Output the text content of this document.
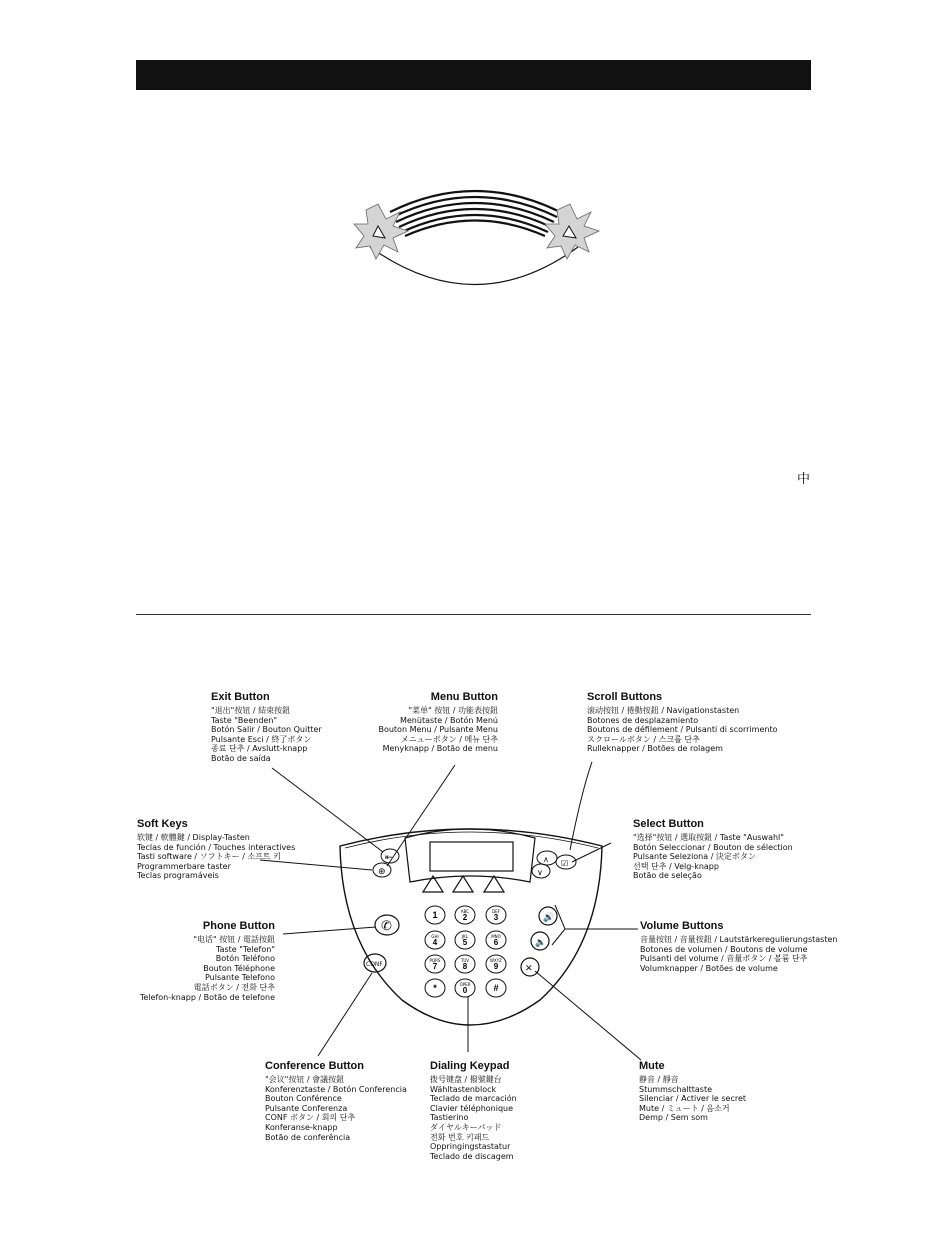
中
⇤
⊕
∧
∨
☑
✆
🔊
🔈
✕
CONF
1	ABC
2
DEF
3
GHI
4
JKL
5
MNO
6
PQRS
7
TUV
8
WXYZ
9
*	OPER
0	#
Exit Button
"退出"按钮 / 結束按鈕
Taste "Beenden"
Botón Salir / Bouton Quitter
Pulsante Esci / 終了ボタン
종료 단추 / Avslutt-knapp
Botão de saída
Menu Button
"菜单" 按钮 / 功能表按鈕
Menütaste / Botón Menú
Bouton Menu / Pulsante Menu
メニューボタン / 메뉴 단추
Menyknapp / Botão de menu
Scroll Buttons
滚动按钮 / 捲動按鈕 / Navigationstasten
Botones de desplazamiento
Boutons de défilement / Pulsanti di scorrimento
スクロールボタン / 스크롤 단추
Rulleknapper / Botões de rolagem
Soft Keys
软键 / 軟體鍵 / Display-Tasten
Teclas de función / Touches interactives
Tasti software / ソフトキー / 소프트 키
Programmerbare taster
Teclas programáveis
Select Button
"选择"按钮 / 選取按鈕 / Taste "Auswahl"
Botón Seleccionar / Bouton de sélection
Pulsante Seleziona / 決定ボタン
선택 단추 / Velg-knapp
Botão de seleção
Phone Button
"电话" 按钮 / 電話按鈕
Taste "Telefon"
Botón Teléfono
Bouton Téléphone
Pulsante Telefono
電話ボタン / 전화 단추
Telefon-knapp / Botão de telefone
Volume Buttons
音量按钮 / 音量按鈕 / Lautstärkeregulierungstasten
Botones de volumen / Boutons de volume
Pulsanti del volume / 音量ボタン / 볼륨 단추
Volumknapper / Botões de volume
Conference Button
"会议"按钮 / 會議按鈕
Konferenztaste / Botón Conferencia
Bouton Conférence
Pulsante Conferenza
CONF ボタン / 회의 단추
Konferanse-knapp
Botão de conferência
Dialing Keypad
拨号键盘 / 撥號鍵台
Wähltastenblock
Teclado de marcación
Clavier téléphonique
Tastierino
ダイヤルキーパッド
전화 번호 키패드
Oppringingstastatur
Teclado de discagem
Mute
静音 / 靜音
Stummschalttaste
Silenciar / Activer le secret
Mute / ミュート / 음소거
Demp / Sem som
